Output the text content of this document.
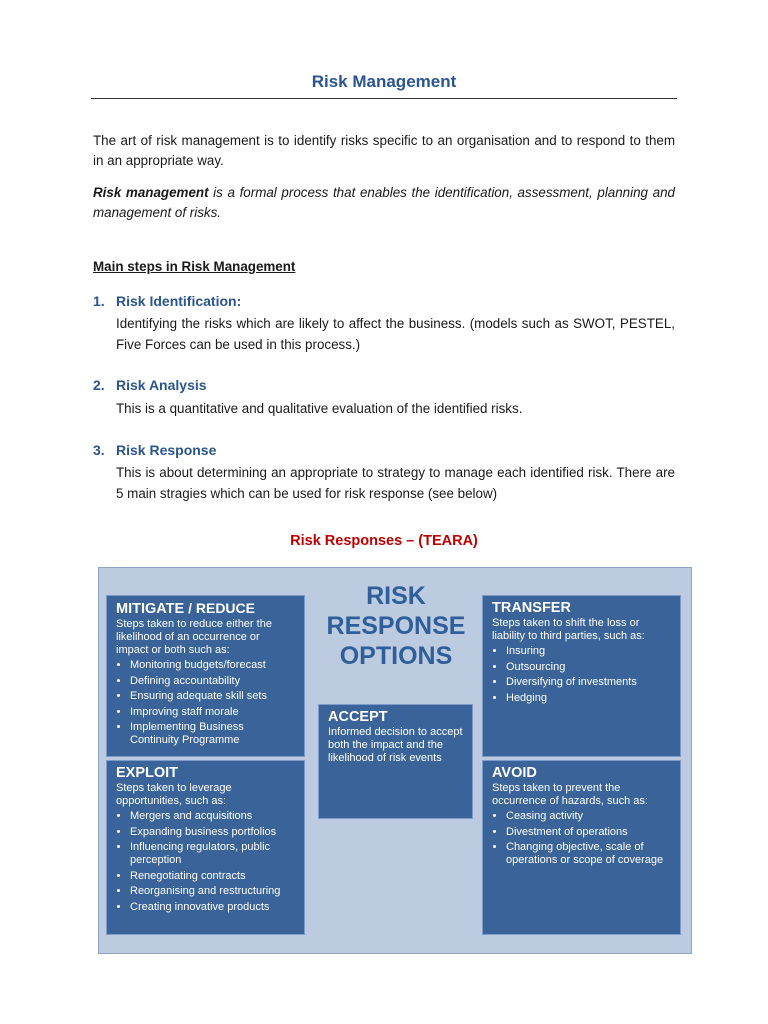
Risk Management
The art of risk management is to identify risks specific to an organisation and to respond to them in an appropriate way.
Risk management is a formal process that enables the identification, assessment, planning and management of risks.
Main steps in Risk Management
1. Risk Identification:
Identifying the risks which are likely to affect the business. (models such as SWOT, PESTEL, Five Forces can be used in this process.)
2. Risk Analysis
This is a quantitative and qualitative evaluation of the identified risks.
3. Risk Response
This is about determining an appropriate to strategy to manage each identified risk. There are 5 main stragies which can be used for risk response (see below)
Risk Responses – (TEARA)
RISK
RESPONSE
OPTIONS
MITIGATE / REDUCE
Steps taken to reduce either the likelihood of an occurrence or impact or both such as:
• Monitoring budgets/forecast
• Defining accountability
• Ensuring adequate skill sets
• Improving staff morale
• Implementing Business Continuity Programme
EXPLOIT
Steps taken to leverage opportunities, such as:
• Mergers and acquisitions
• Expanding business portfolios
• Influencing regulators, public perception
• Renegotiating contracts
• Reorganising and restructuring
• Creating innovative products
TRANSFER
Steps taken to shift the loss or liability to third parties, such as:
• Insuring
• Outsourcing
• Diversifying of investments
• Hedging
AVOID
Steps taken to prevent the occurrence of hazards, such as:
• Ceasing activity
• Divestment of operations
• Changing objective, scale of operations or scope of coverage
ACCEPT
Informed decision to accept both the impact and the likelihood of risk events
